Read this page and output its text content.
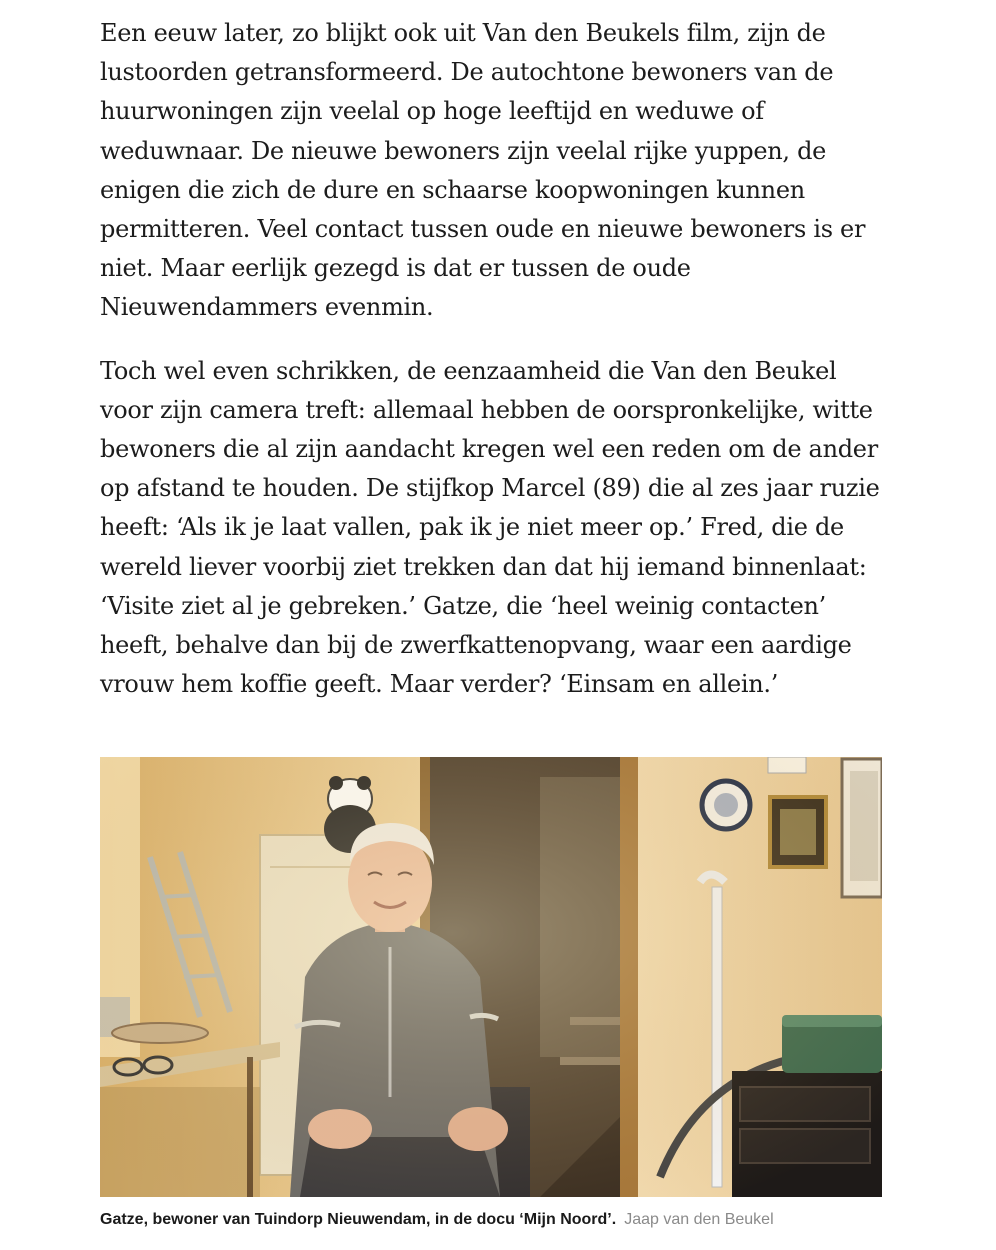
Een eeuw later, zo blijkt ook uit Van den Beukels film, zijn de lustoorden getransformeerd. De autochtone bewoners van de huurwoningen zijn veelal op hoge leeftijd en weduwe of weduwnaar. De nieuwe bewoners zijn veelal rijke yuppen, de enigen die zich de dure en schaarse koopwoningen kunnen permitteren. Veel contact tussen oude en nieuwe bewoners is er niet. Maar eerlijk gezegd is dat er tussen de oude Nieuwendammers evenmin.

Toch wel even schrikken, de eenzaamheid die Van den Beukel voor zijn camera treft: allemaal hebben de oorspronkelijke, witte bewoners die al zijn aandacht kregen wel een reden om de ander op afstand te houden. De stijfkop Marcel (89) die al zes jaar ruzie heeft: ‘Als ik je laat vallen, pak ik je niet meer op.’ Fred, die de wereld liever voorbij ziet trekken dan dat hij iemand binnenlaat: ‘Visite ziet al je gebreken.’ Gatze, die ‘heel weinig contacten’ heeft, behalve dan bij de zwerfkattenopvang, waar een aardige vrouw hem koffie geeft. Maar verder? ‘Einsam en allein.’

Gatze, bewoner van Tuindorp Nieuwendam, in de docu ‘Mijn Noord’. Jaap van den Beukel
